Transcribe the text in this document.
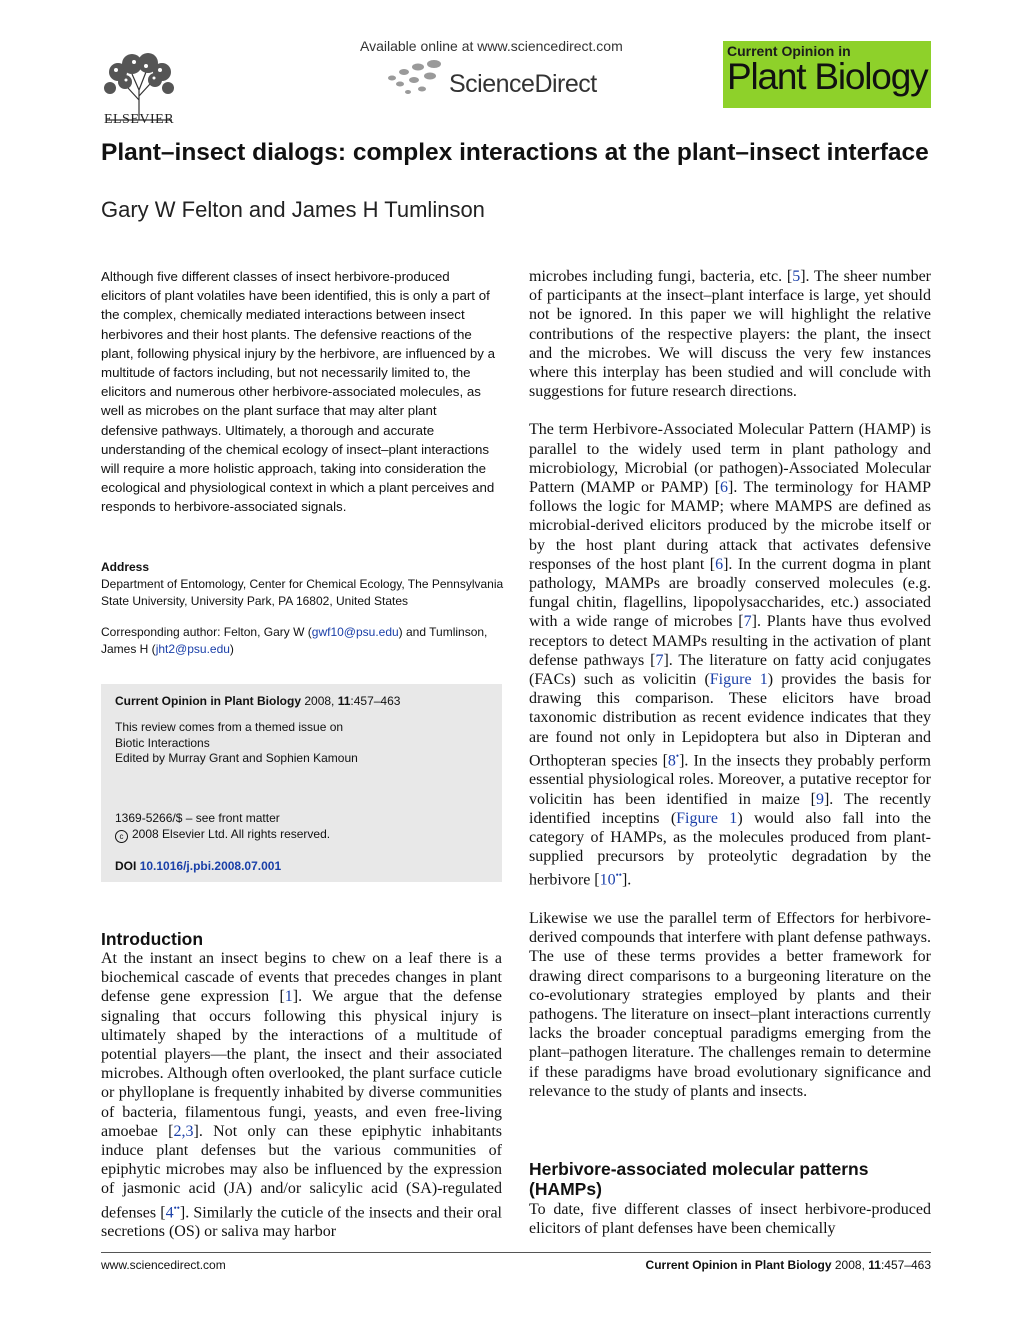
ELSEVIER
Available online at www.sciencedirect.com
ScienceDirect
Current Opinion in
Plant Biology
Plant–insect dialogs: complex interactions at the plant–insect interface
Gary W Felton and James H Tumlinson
Although five different classes of insect herbivore-produced elicitors of plant volatiles have been identified, this is only a part of the complex, chemically mediated interactions between insect herbivores and their host plants. The defensive reactions of the plant, following physical injury by the herbivore, are influenced by a multitude of factors including, but not necessarily limited to, the elicitors and numerous other herbivore-associated molecules, as well as microbes on the plant surface that may alter plant defensive pathways. Ultimately, a thorough and accurate understanding of the chemical ecology of insect–plant interactions will require a more holistic approach, taking into consideration the ecological and physiological context in which a plant perceives and responds to herbivore-associated signals.
Address
Department of Entomology, Center for Chemical Ecology, The Pennsylvania State University, University Park, PA 16802, United States
Corresponding author: Felton, Gary W (gwf10@psu.edu) and Tumlinson, James H (jht2@psu.edu)
Current Opinion in Plant Biology 2008, 11:457–463
This review comes from a themed issue on
Biotic Interactions
Edited by Murray Grant and Sophien Kamoun
1369-5266/$ – see front matter
c 2008 Elsevier Ltd. All rights reserved.
DOI 10.1016/j.pbi.2008.07.001
Introduction

At the instant an insect begins to chew on a leaf there is a biochemical cascade of events that precedes changes in plant defense gene expression [1]. We argue that the defense signaling that occurs following this physical injury is ultimately shaped by the interactions of a multitude of potential players—the plant, the insect and their associated microbes. Although often overlooked, the plant surface cuticle or phylloplane is frequently inhabited by diverse communities of bacteria, filamentous fungi, yeasts, and even free-living amoebae [2,3]. Not only can these epiphytic inhabitants induce plant defenses but the various communities of epiphytic microbes may also be influenced by the expression of jasmonic acid (JA) and/or salicylic acid (SA)-regulated defenses [4••]. Similarly the cuticle of the insects and their oral secretions (OS) or saliva may harbor

microbes including fungi, bacteria, etc. [5]. The sheer number of participants at the insect–plant interface is large, yet should not be ignored. In this paper we will highlight the relative contributions of the respective players: the plant, the insect and the microbes. We will discuss the very few instances where this interplay has been studied and will conclude with suggestions for future research directions.

The term Herbivore-Associated Molecular Pattern (HAMP) is parallel to the widely used term in plant pathology and microbiology, Microbial (or pathogen)-Associated Molecular Pattern (MAMP or PAMP) [6]. The terminology for HAMP follows the logic for MAMP; where MAMPS are defined as microbial-derived elicitors produced by the microbe itself or by the host plant during attack that activates defensive responses of the host plant [6]. In the current dogma in plant pathology, MAMPs are broadly conserved molecules (e.g. fungal chitin, flagellins, lipopolysaccharides, etc.) associated with a wide range of microbes [7]. Plants have thus evolved receptors to detect MAMPs resulting in the activation of plant defense pathways [7]. The literature on fatty acid conjugates (FACs) such as volicitin (Figure 1) provides the basis for drawing this comparison. These elicitors have broad taxonomic distribution as recent evidence indicates that they are found not only in Lepidoptera but also in Dipteran and Orthopteran species [8•]. In the insects they probably perform essential physiological roles. Moreover, a putative receptor for volicitin has been identified in maize [9]. The recently identified inceptins (Figure 1) would also fall into the category of HAMPs, as the molecules produced from plant-supplied precursors by proteolytic degradation by the herbivore [10••].

Likewise we use the parallel term of Effectors for herbivore-derived compounds that interfere with plant defense pathways. The use of these terms provides a better framework for drawing direct comparisons to a burgeoning literature on the co-evolutionary strategies employed by plants and their pathogens. The literature on insect–plant interactions currently lacks the broader conceptual paradigms emerging from the plant–pathogen literature. The challenges remain to determine if these paradigms have broad evolutionary significance and relevance to the study of plants and insects.

Herbivore-associated molecular patterns (HAMPs)

To date, five different classes of insect herbivore-produced elicitors of plant defenses have been chemically

www.sciencedirect.com	Current Opinion in Plant Biology 2008, 11:457–463
